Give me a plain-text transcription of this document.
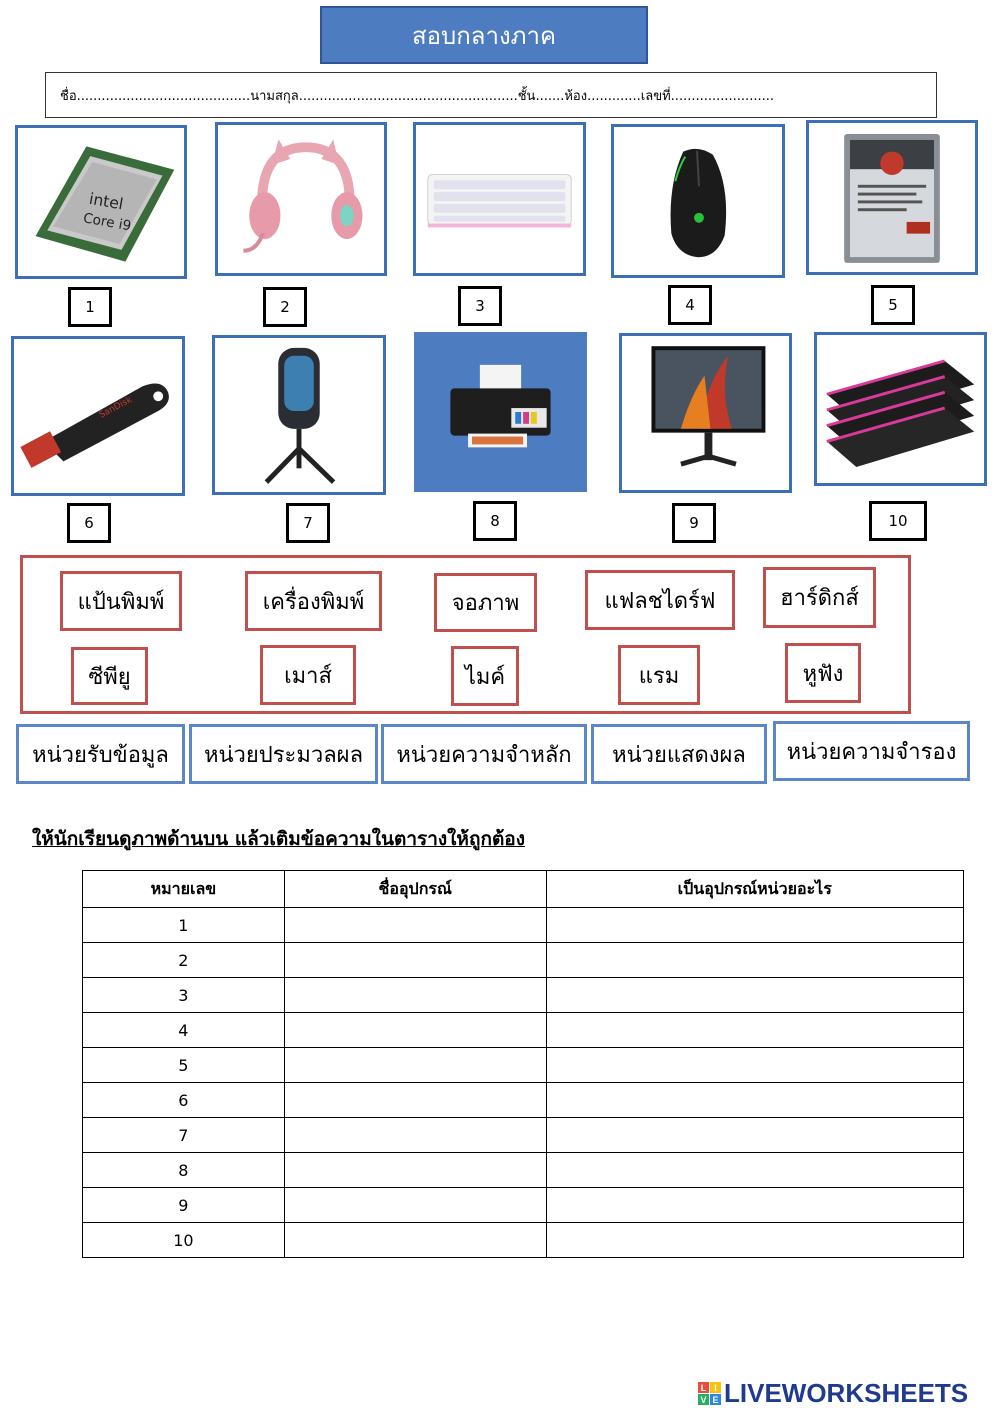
สอบกลางภาค
ชื่อ..........................................นามสกุล.....................................................ชั้น.......ห้อง.............เลขที่.........................
intel
Core i9
1	2	3	4	5
SanDisk
6	7	8	9	10
แป้นพิมพ์	เครื่องพิมพ์	จอภาพ	แฟลชไดร์ฟ	ฮาร์ดิกส์
ซีพียู	เมาส์	ไมค์	แรม	หูฟัง
หน่วยรับข้อมูล	หน่วยประมวลผล	หน่วยความจำหลัก	หน่วยแสดงผล	หน่วยความจำรอง
ให้นักเรียนดูภาพด้านบน แล้วเติมข้อความในตารางให้ถูกต้อง
หมายเลข	ชื่ออุปกรณ์	เป็นอุปกรณ์หน่วยอะไร
1		
2		
3		
4		
5		
6		
7		
8		
9		
10		
L I
V E LIVEWORKSHEETS
